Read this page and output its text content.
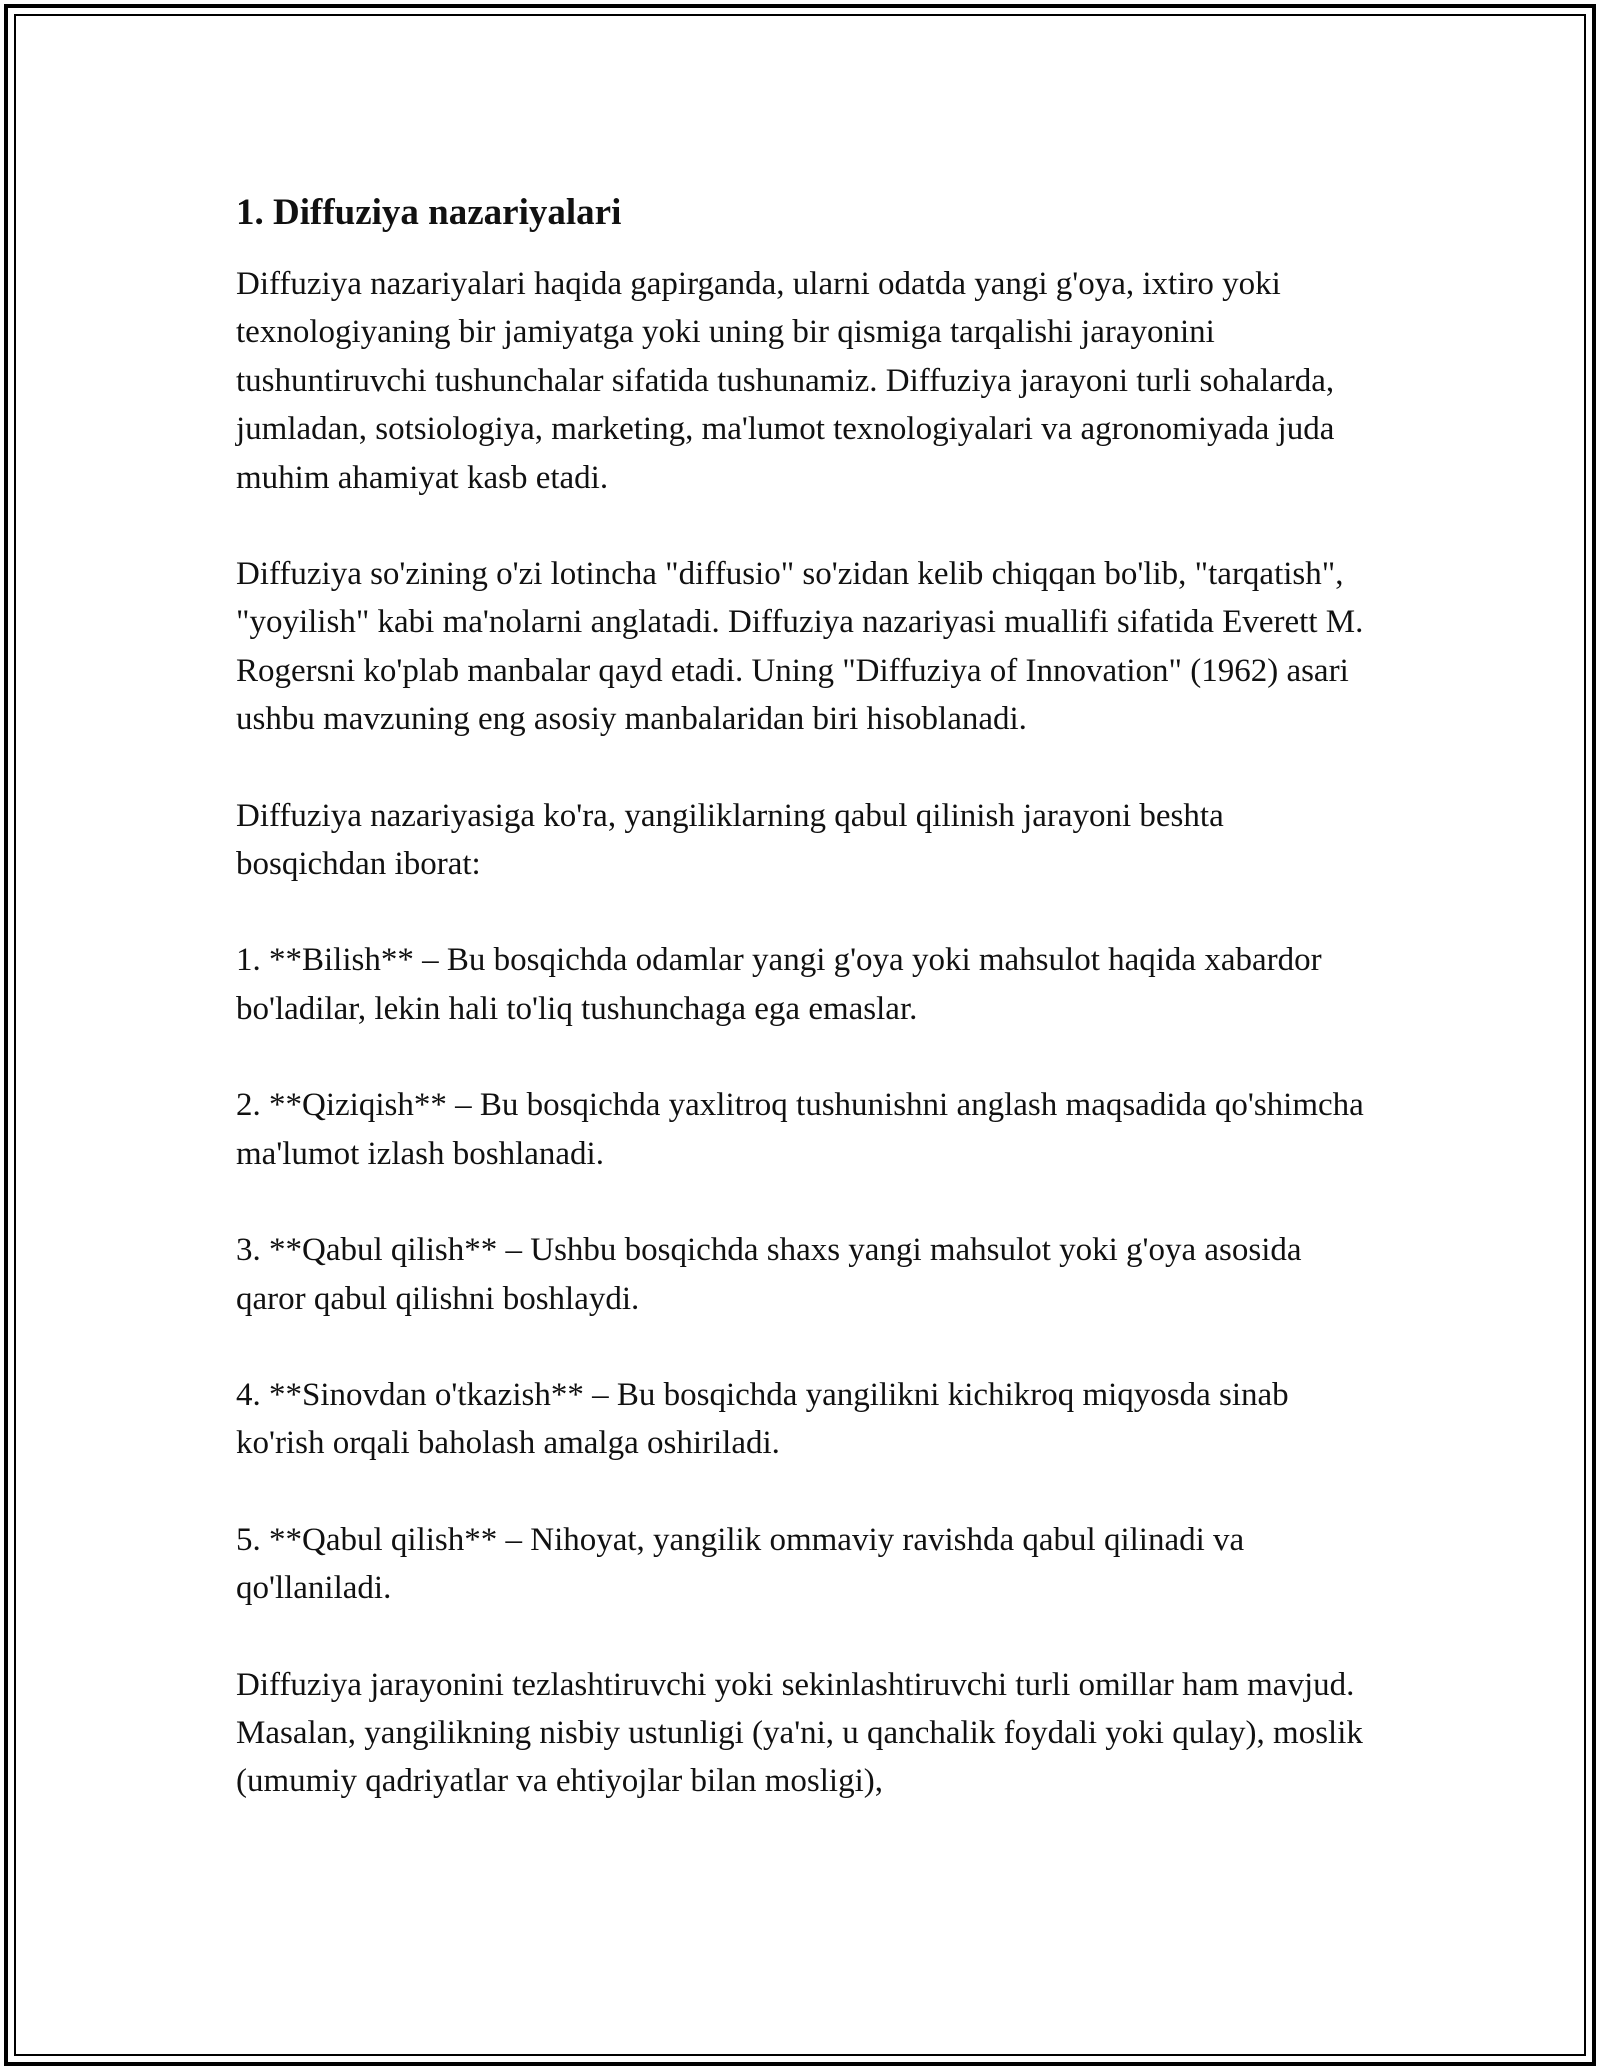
1. Diffuziya nazariyalari

Diffuziya nazariyalari haqida gapirganda, ularni odatda yangi g'oya, ixtiro yoki texnologiyaning bir jamiyatga yoki uning bir qismiga tarqalishi jarayonini tushuntiruvchi tushunchalar sifatida tushunamiz. Diffuziya jarayoni turli sohalarda, jumladan, sotsiologiya, marketing, ma'lumot texnologiyalari va agronomiyada juda muhim ahamiyat kasb etadi.

Diffuziya so'zining o'zi lotincha "diffusio" so'zidan kelib chiqqan bo'lib, "tarqatish", "yoyilish" kabi ma'nolarni anglatadi. Diffuziya nazariyasi muallifi sifatida Everett M. Rogersni ko'plab manbalar qayd etadi. Uning "Diffuziya of Innovation" (1962) asari ushbu mavzuning eng asosiy manbalaridan biri hisoblanadi.

Diffuziya nazariyasiga ko'ra, yangiliklarning qabul qilinish jarayoni beshta bosqichdan iborat:

1. **Bilish** – Bu bosqichda odamlar yangi g'oya yoki mahsulot haqida xabardor bo'ladilar, lekin hali to'liq tushunchaga ega emaslar.

2. **Qiziqish** – Bu bosqichda yaxlitroq tushunishni anglash maqsadida qo'shimcha ma'lumot izlash boshlanadi.

3. **Qabul qilish** – Ushbu bosqichda shaxs yangi mahsulot yoki g'oya asosida qaror qabul qilishni boshlaydi.

4. **Sinovdan o'tkazish** – Bu bosqichda yangilikni kichikroq miqyosda sinab ko'rish orqali baholash amalga oshiriladi.

5. **Qabul qilish** – Nihoyat, yangilik ommaviy ravishda qabul qilinadi va qo'llaniladi.

Diffuziya jarayonini tezlashtiruvchi yoki sekinlashtiruvchi turli omillar ham mavjud. Masalan, yangilikning nisbiy ustunligi (ya'ni, u qanchalik foydali yoki qulay), moslik (umumiy qadriyatlar va ehtiyojlar bilan mosligi),
